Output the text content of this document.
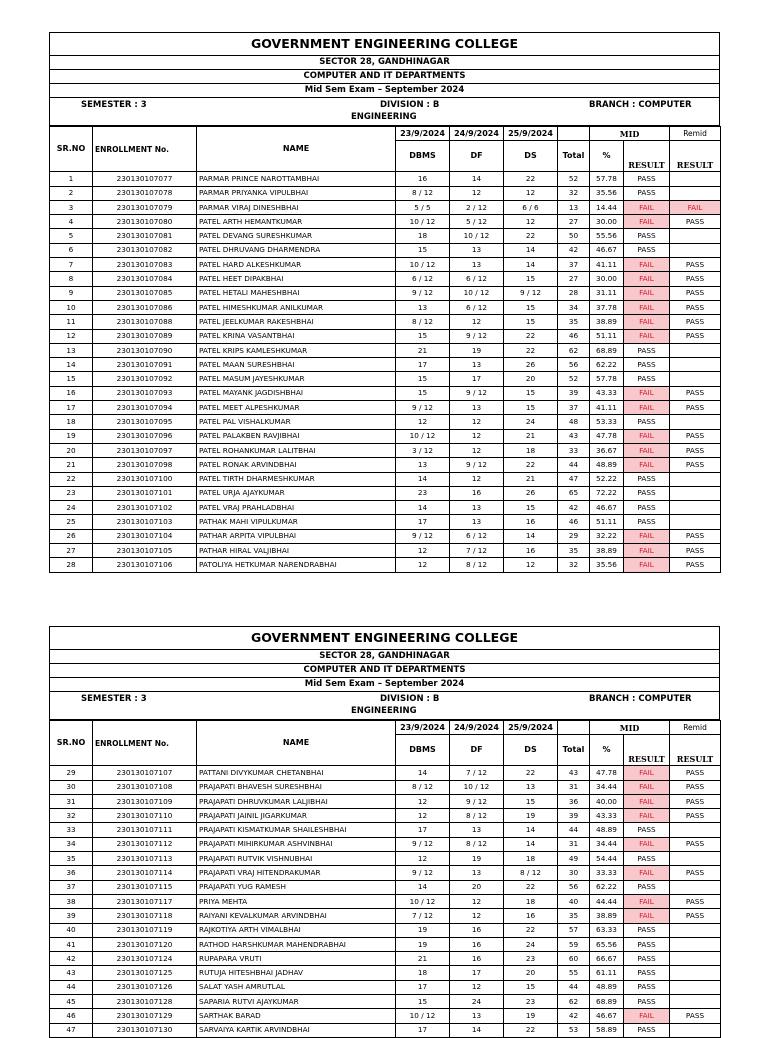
GOVERNMENT ENGINEERING COLLEGE
SECTOR 28, GANDHINAGAR
COMPUTER AND IT DEPARTMENTS
Mid Sem Exam – September 2024
SEMESTER : 3	DIVISION : B
ENGINEERING
BRANCH : COMPUTER
SR.NO	ENROLLMENT No.	NAME	23/9/2024	24/9/2024	25/9/2024		MID		Remid
			DBMS	DF	DS	Total	%	RESULT	RESULT
1	230130107077	PARMAR PRINCE NAROTTAMBHAI	16	14	22	52	57.78	PASS	
2	230130107078	PARMAR PRIYANKA VIPULBHAI	8 / 12	12	12	32	35.56	PASS	
3	230130107079	PARMAR VIRAJ DINESHBHAI	5 / 5	2 / 12	6 / 6	13	14.44	FAIL	FAIL
4	230130107080	PATEL ARTH HEMANTKUMAR	10 / 12	5 / 12	12	27	30.00	FAIL	PASS
5	230130107081	PATEL DEVANG SURESHKUMAR	18	10 / 12	22	50	55.56	PASS	
6	230130107082	PATEL DHRUVANG DHARMENDRA	15	13	14	42	46.67	PASS	
7	230130107083	PATEL HARD ALKESHKUMAR	10 / 12	13	14	37	41.11	FAIL	PASS
8	230130107084	PATEL HEET DIPAKBHAI	6 / 12	6 / 12	15	27	30.00	FAIL	PASS
9	230130107085	PATEL HETALI MAHESHBHAI	9 / 12	10 / 12	9 / 12	28	31.11	FAIL	PASS
10	230130107086	PATEL HIMESHKUMAR ANILKUMAR	13	6 / 12	15	34	37.78	FAIL	PASS
11	230130107088	PATEL JEELKUMAR RAKESHBHAI	8 / 12	12	15	35	38.89	FAIL	PASS
12	230130107089	PATEL KRINA VASANTBHAI	15	9 / 12	22	46	51.11	FAIL	PASS
13	230130107090	PATEL KRIPS KAMLESHKUMAR	21	19	22	62	68.89	PASS	
14	230130107091	PATEL MAAN SURESHBHAI	17	13	26	56	62.22	PASS	
15	230130107092	PATEL MASUM JAYESHKUMAR	15	17	20	52	57.78	PASS	
16	230130107093	PATEL MAYANK JAGDISHBHAI	15	9 / 12	15	39	43.33	FAIL	PASS
17	230130107094	PATEL MEET ALPESHKUMAR	9 / 12	13	15	37	41.11	FAIL	PASS
18	230130107095	PATEL PAL VISHALKUMAR	12	12	24	48	53.33	PASS	
19	230130107096	PATEL PALAKBEN RAVJIBHAI	10 / 12	12	21	43	47.78	FAIL	PASS
20	230130107097	PATEL ROHANKUMAR LALITBHAI	3 / 12	12	18	33	36.67	FAIL	PASS
21	230130107098	PATEL RONAK ARVINDBHAI	13	9 / 12	22	44	48.89	FAIL	PASS
22	230130107100	PATEL TIRTH DHARMESHKUMAR	14	12	21	47	52.22	PASS	
23	230130107101	PATEL URJA AJAYKUMAR	23	16	26	65	72.22	PASS	
24	230130107102	PATEL VRAJ PRAHLADBHAI	14	13	15	42	46.67	PASS	
25	230130107103	PATHAK MAHI VIPULKUMAR	17	13	16	46	51.11	PASS	
26	230130107104	PATHAR ARPITA VIPULBHAI	9 / 12	6 / 12	14	29	32.22	FAIL	PASS
27	230130107105	PATHAR HIRAL VALJIBHAI	12	7 / 12	16	35	38.89	FAIL	PASS
28	230130107106	PATOLIYA HETKUMAR NARENDRABHAI	12	8 / 12	12	32	35.56	FAIL	PASS
GOVERNMENT ENGINEERING COLLEGE
SECTOR 28, GANDHINAGAR
COMPUTER AND IT DEPARTMENTS
Mid Sem Exam – September 2024
SEMESTER : 3	DIVISION : B
ENGINEERING
BRANCH : COMPUTER
SR.NO	ENROLLMENT No.	NAME	23/9/2024	24/9/2024	25/9/2024		MID		Remid
			DBMS	DF	DS	Total	%	RESULT	RESULT
29	230130107107	PATTANI DIVYKUMAR CHETANBHAI	14	7 / 12	22	43	47.78	FAIL	PASS
30	230130107108	PRAJAPATI BHAVESH SURESHBHAI	8 / 12	10 / 12	13	31	34.44	FAIL	PASS
31	230130107109	PRAJAPATI DHRUVKUMAR LALJIBHAI	12	9 / 12	15	36	40.00	FAIL	PASS
32	230130107110	PRAJAPATI JAINIL JIGARKUMAR	12	8 / 12	19	39	43.33	FAIL	PASS
33	230130107111	PRAJAPATI KISMATKUMAR SHAILESHBHAI	17	13	14	44	48.89	PASS	
34	230130107112	PRAJAPATI MIHIRKUMAR ASHVINBHAI	9 / 12	8 / 12	14	31	34.44	FAIL	PASS
35	230130107113	PRAJAPATI RUTVIK VISHNUBHAI	12	19	18	49	54.44	PASS	
36	230130107114	PRAJAPATI VRAJ HITENDRAKUMAR	9 / 12	13	8 / 12	30	33.33	FAIL	PASS
37	230130107115	PRAJAPATI YUG RAMESH	14	20	22	56	62.22	PASS	
38	230130107117	PRIYA MEHTA	10 / 12	12	18	40	44.44	FAIL	PASS
39	230130107118	RAIYANI KEVALKUMAR ARVINDBHAI	7 / 12	12	16	35	38.89	FAIL	PASS
40	230130107119	RAJKOTIYA ARTH VIMALBHAI	19	16	22	57	63.33	PASS	
41	230130107120	RATHOD HARSHKUMAR MAHENDRABHAI	19	16	24	59	65.56	PASS	
42	230130107124	RUPAPARA VRUTI	21	16	23	60	66.67	PASS	
43	230130107125	RUTUJA HITESHBHAI JADHAV	18	17	20	55	61.11	PASS	
44	230130107126	SALAT YASH AMRUTLAL	17	12	15	44	48.89	PASS	
45	230130107128	SAPARIA RUTVI AJAYKUMAR	15	24	23	62	68.89	PASS	
46	230130107129	SARTHAK BARAD	10 / 12	13	19	42	46.67	FAIL	PASS
47	230130107130	SARVAIYA KARTIK ARVINDBHAI	17	14	22	53	58.89	PASS	
